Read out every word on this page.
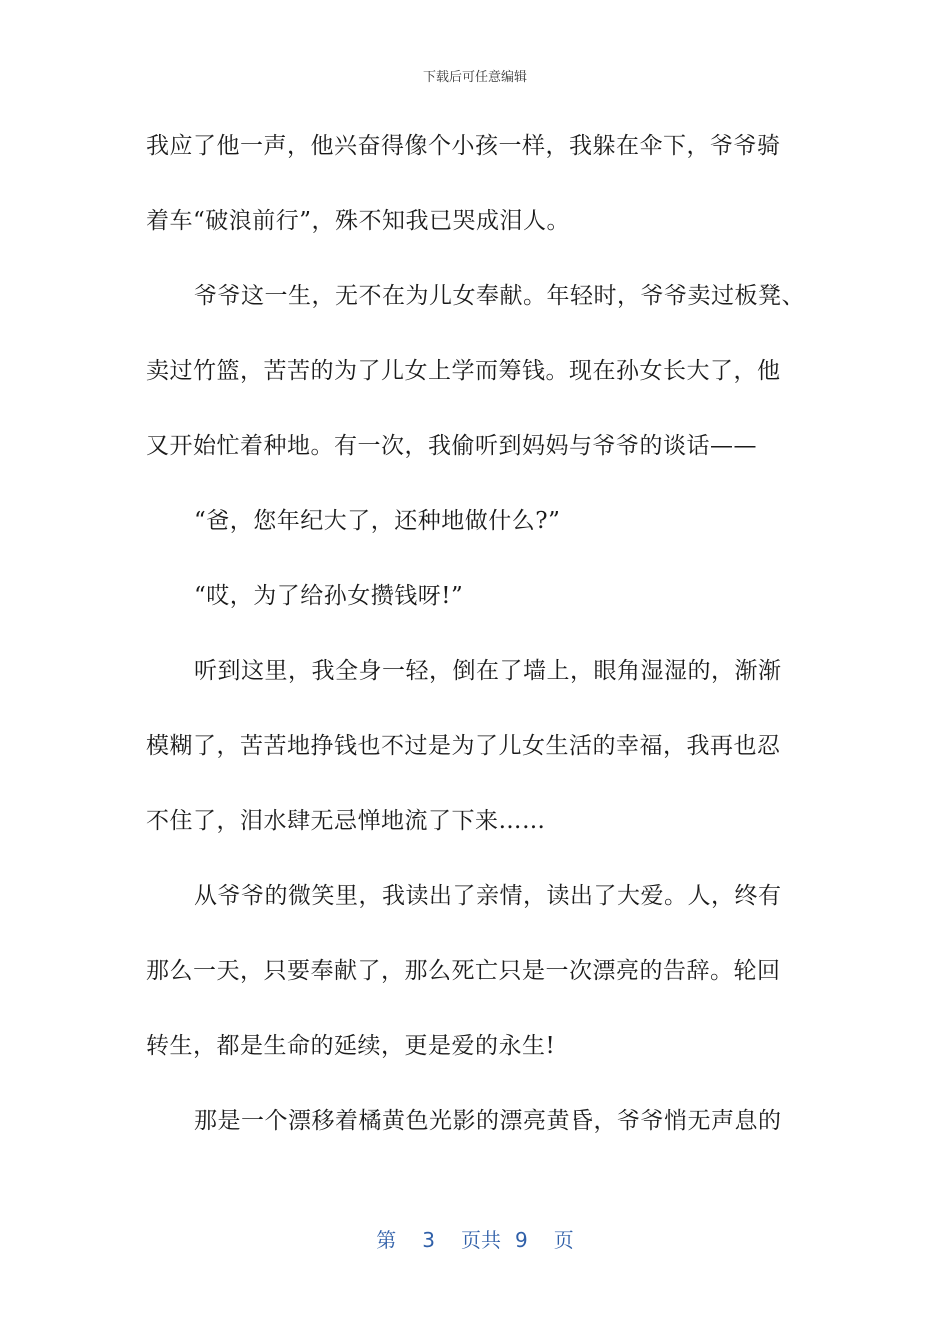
下载后可任意编辑
我应了他一声，他兴奋得像个小孩一样，我躲在伞下，爷爷骑
着车“破浪前行”，殊不知我已哭成泪人。
爷爷这一生，无不在为儿女奉献。年轻时，爷爷卖过板凳、
卖过竹篮，苦苦的为了儿女上学而筹钱。现在孙女长大了，他
又开始忙着种地。有一次，我偷听到妈妈与爷爷的谈话——
“爸，您年纪大了，还种地做什么?”
“哎，为了给孙女攒钱呀!”
听到这里，我全身一轻，倒在了墙上，眼角湿湿的，渐渐
模糊了，苦苦地挣钱也不过是为了儿女生活的幸福，我再也忍
不住了，泪水肆无忌惮地流了下来……
从爷爷的微笑里，我读出了亲情，读出了大爱。人，终有
那么一天，只要奉献了，那么死亡只是一次漂亮的告辞。轮回
转生，都是生命的延续，更是爱的永生!
那是一个漂移着橘黄色光影的漂亮黄昏，爷爷悄无声息的
第 3 页共 9 页
